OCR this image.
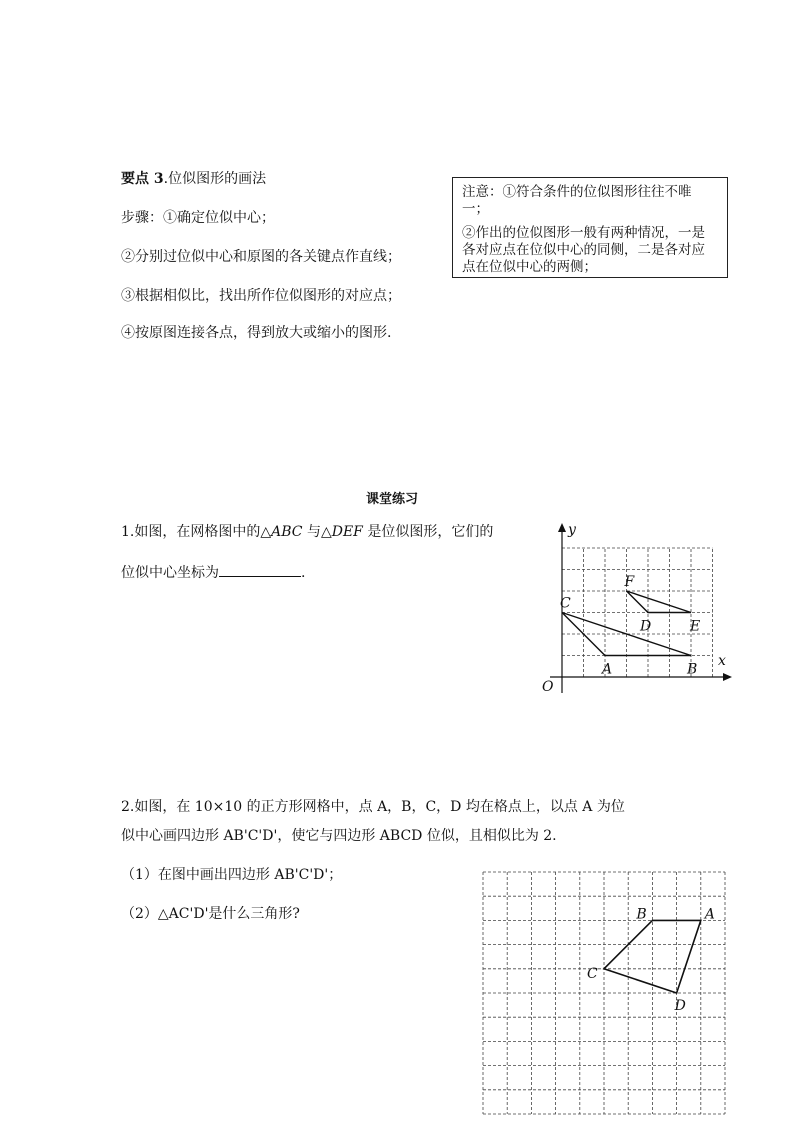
要点 3.位似图形的画法
步骤：①确定位似中心；
②分别过位似中心和原图的各关键点作直线；
③根据相似比，找出所作位似图形的对应点；
④按原图连接各点，得到放大或缩小的图形.

注意：①符合条件的位似图形往往不唯一；

②作出的位似图形一般有两种情况，一是各对应点在位似中心的同侧，二是各对应点在位似中心的两侧；

课堂练习
1.如图，在网格图中的△ABC 与△DEF 是位似图形，它们的
位似中心坐标为	.
x
y
O
A	B
C
D	E
F
2.如图，在 10×10 的正方形网格中，点 A，B，C，D 均在格点上，以点 A 为位
似中心画四边形 AB'C'D'，使它与四边形 ABCD 位似，且相似比为 2.
（1）在图中画出四边形 AB'C'D'；
（2）△AC'D'是什么三角形?	A
B
C
D
